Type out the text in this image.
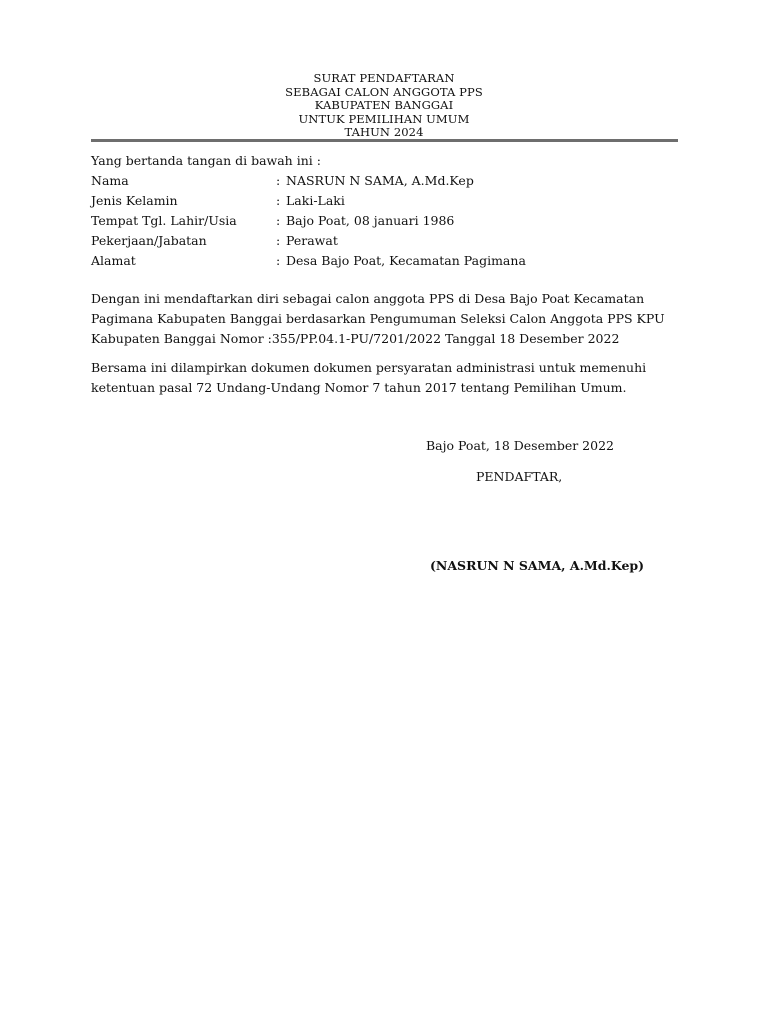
SURAT PENDAFTARAN
SEBAGAI CALON ANGGOTA PPS
KABUPATEN BANGGAI
UNTUK PEMILIHAN UMUM
TAHUN 2024
Yang bertanda tangan di bawah ini :
Nama	: NASRUN N SAMA, A.Md.Kep
Jenis Kelamin	: Laki-Laki
Tempat Tgl. Lahir/Usia	: Bajo Poat, 08 januari 1986
Pekerjaan/Jabatan	: Perawat
Alamat	: Desa Bajo Poat, Kecamatan Pagimana
Dengan ini mendaftarkan diri sebagai calon anggota PPS di Desa Bajo Poat Kecamatan Pagimana Kabupaten Banggai berdasarkan Pengumuman Seleksi Calon Anggota PPS KPU Kabupaten Banggai Nomor :355/PP.04.1-PU/7201/2022 Tanggal 18 Desember 2022
Bersama ini dilampirkan dokumen dokumen persyaratan administrasi untuk memenuhi ketentuan pasal 72 Undang-Undang Nomor 7 tahun 2017 tentang Pemilihan Umum.
Bajo Poat, 18 Desember 2022
PENDAFTAR,
(NASRUN N SAMA, A.Md.Kep)
